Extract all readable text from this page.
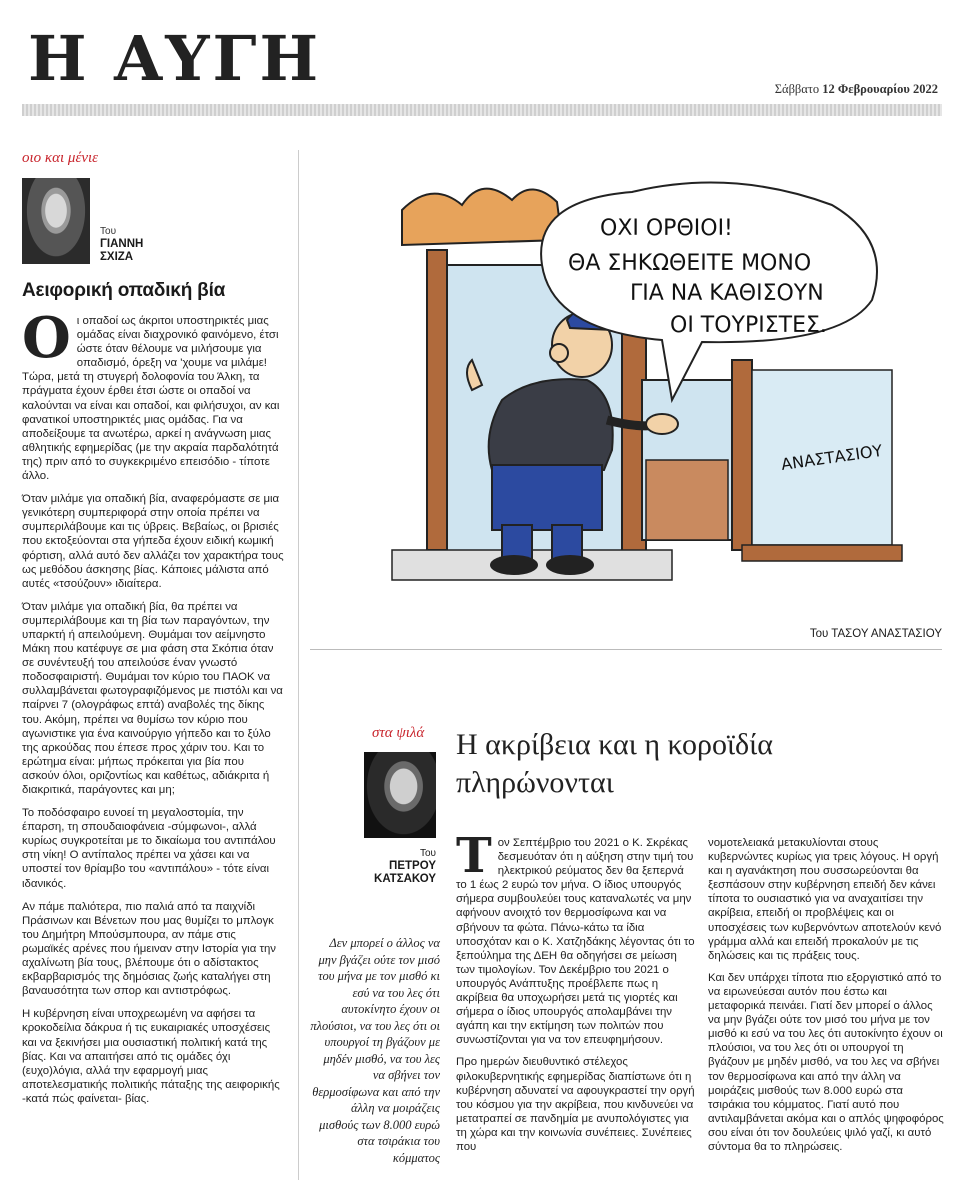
Η ΑΥΓΗ	Σάββατο 12 Φεβρουαρίου 2022
οιο και μένιε
Του
ΓΙΑΝΝΗ ΣΧΙΖΑ
Αειφορική οπαδική βία

Οι οπαδοί ως άκριτοι υποστηρικτές μιας ομάδας είναι διαχρονικό φαινόμενο, έτσι ώστε όταν θέλουμε να μιλήσουμε για οπαδισμό, όρεξη να 'χουμε να μιλάμε! Τώρα, μετά τη στυγερή δολοφονία του Άλκη, τα πράγματα έχουν έρθει έτσι ώστε οι οπαδοί να καλούνται να είναι και οπαδοί, και φιλήσυχοι, αν και φανατικοί υποστηρικτές μιας ομάδας. Για να αποδείξουμε τα ανωτέρω, αρκεί η ανάγνωση μιας αθλητικής εφημερίδας (με την ακραία παρδαλότητά της) πριν από το συγκεκριμένο επεισόδιο - τίποτε άλλο.

Όταν μιλάμε για οπαδική βία, αναφερόμαστε σε μια γενικότερη συμπεριφορά στην οποία πρέπει να συμπεριλάβουμε και τις ύβρεις. Βεβαίως, οι βρισιές που εκτοξεύονται στα γήπεδα έχουν ειδική κωμική φόρτιση, αλλά αυτό δεν αλλάζει τον χαρακτήρα τους ως μεθόδου άσκησης βίας. Κάποιες μάλιστα από αυτές «τσούζουν» ιδιαίτερα.

Όταν μιλάμε για οπαδική βία, θα πρέπει να συμπεριλάβουμε και τη βία των παραγόντων, την υπαρκτή ή απειλούμενη. Θυμάμαι τον αείμνηστο Μάκη που κατέφυγε σε μια φάση στα Σκόπια όταν σε συνέντευξή του απειλούσε έναν γνωστό ποδοσφαιριστή. Θυμάμαι τον κύριο του ΠΑΟΚ να συλλαμβάνεται φωτογραφιζόμενος με πιστόλι και να παίρνει 7 (ολογράφως επτά) αναβολές της δίκης του. Ακόμη, πρέπει να θυμίσω τον κύριο που αγωνιστικε για ένα καινούργιο γήπεδο και το ξύλο της αρκούδας που έπεσε προς χάριν του. Και το ερώτημα είναι: μήπως πρόκειται για βία που ασκούν όλοι, οριζοντίως και καθέτως, αδιάκριτα ή διακριτικά, παράγοντες και μη;

Το ποδόσφαιρο ευνοεί τη μεγαλοστομία, την έπαρση, τη σπουδαιοφάνεια -σύμφωνοι-, αλλά κυρίως συγκροτείται με το δικαίωμα του αντιπάλου στη νίκη! Ο αντίπαλος πρέπει να χάσει και να υποστεί τον θρίαμβο του «αντιπάλου» - τότε είναι ιδανικός.

Αν πάμε παλιότερα, πιο παλιά από τα παιχνίδι Πράσινων και Βένετων που μας θυμίζει το μπλογκ του Δημήτρη Μπούσμπουρα, αν πάμε στις ρωμαϊκές αρένες που ήμειναν στην Ιστορία για την αχαλίνωτη βία τους, βλέπουμε ότι ο αδίστακτος εκβαρβαρισμός της δημόσιας ζωής καταλήγει στη βαναυσότητα των σπορ και αντιστρόφως.

Η κυβέρνηση είναι υποχρεωμένη να αφήσει τα κροκοδείλια δάκρυα ή τις ευκαιριακές υποσχέσεις και να ξεκινήσει μια ουσιαστική πολιτική κατά της βίας. Και να απαιτήσει από τις ομάδες όχι (ευχο)λόγια, αλλά την εφαρμογή μιας αποτελεσματικής πολιτικής πάταξης της αειφορικής -κατά πώς φαίνεται- βίας.

ΟΧΙ ΟΡΘΙΟΙ!
ΘΑ ΣΗΚΩΘΕΙΤΕ ΜΟΝΟ
ΓΙΑ ΝΑ ΚΑΘΙΣΟΥΝ
ΟΙ ΤΟΥΡΙΣΤΕΣ.
ΑΝΑΣΤΑΣΙΟΥ
Του ΤΑΣΟΥ ΑΝΑΣΤΑΣΙΟΥ
στα ψιλά
Του
ΠΕΤΡΟΥ ΚΑΤΣΑΚΟΥ
Δεν μπορεί ο άλλος να μην βγάζει ούτε τον μισό του μήνα με τον μισθό κι εσύ να του λες ότι αυτοκίνητο έχουν οι πλούσιοι, να του λες ότι οι υπουργοί τη βγάζουν με μηδέν μισθό, να του λες να σβήνει τον θερμοσίφωνα και από την άλλη να μοιράζεις μισθούς των 8.000 ευρώ στα τσιράκια του κόμματος
Η ακρίβεια και η κοροϊδία πληρώνονται

Τον Σεπτέμβριο του 2021 ο Κ. Σκρέκας δεσμευόταν ότι η αύξηση στην τιμή του ηλεκτρικού ρεύματος δεν θα ξεπερνά το 1 έως 2 ευρώ τον μήνα. Ο ίδιος υπουργός σήμερα συμβουλεύει τους καταναλωτές να μην αφήνουν ανοιχτό τον θερμοσίφωνα και να σβήνουν τα φώτα. Πάνω-κάτω τα ίδια υποσχόταν και ο Κ. Χατζηδάκης λέγοντας ότι το ξεπούλημα της ΔΕΗ θα οδηγήσει σε μείωση των τιμολογίων. Τον Δεκέμβριο του 2021 ο υπουργός Ανάπτυξης προέβλεπε πως η ακρίβεια θα υποχωρήσει μετά τις γιορτές και σήμερα ο ίδιος υπουργός απολαμβάνει την αγάπη και την εκτίμηση των πολιτών που συνωστίζονται για να τον επευφημήσουν.

Προ ημερών διευθυντικό στέλεχος φιλοκυβερνητικής εφημερίδας διαπίστωνε ότι η κυβέρνηση αδυνατεί να αφουγκραστεί την οργή του κόσμου για την ακρίβεια, που κινδυνεύει να μετατραπεί σε πανδημία με ανυπολόγιστες για τη χώρα και την κοινωνία συνέπειες. Συνέπειες που

νομοτελειακά μετακυλίονται στους κυβερνώντες κυρίως για τρεις λόγους. Η οργή και η αγανάκτηση που συσσωρεύονται θα ξεσπάσουν στην κυβέρνηση επειδή δεν κάνει τίποτα το ουσιαστικό για να αναχαιτίσει την ακρίβεια, επειδή οι προβλέψεις και οι υποσχέσεις των κυβερνόντων αποτελούν κενό γράμμα αλλά και επειδή προκαλούν με τις δηλώσεις και τις πράξεις τους.

Και δεν υπάρχει τίποτα πιο εξοργιστικό από το να ειρωνεύεσαι αυτόν που έστω και μεταφορικά πεινάει. Γιατί δεν μπορεί ο άλλος να μην βγάζει ούτε τον μισό του μήνα με τον μισθό κι εσύ να του λες ότι αυτοκίνητο έχουν οι πλούσιοι, να του λες ότι οι υπουργοί τη βγάζουν με μηδέν μισθό, να του λες να σβήνει τον θερμοσίφωνα και από την άλλη να μοιράζεις μισθούς των 8.000 ευρώ στα τσιράκια του κόμματος. Γιατί αυτό που αντιλαμβάνεται ακόμα και ο απλός ψηφοφόρος σου είναι ότι τον δουλεύεις ψιλό γαζί, κι αυτό σύντομα θα το πληρώσεις.
